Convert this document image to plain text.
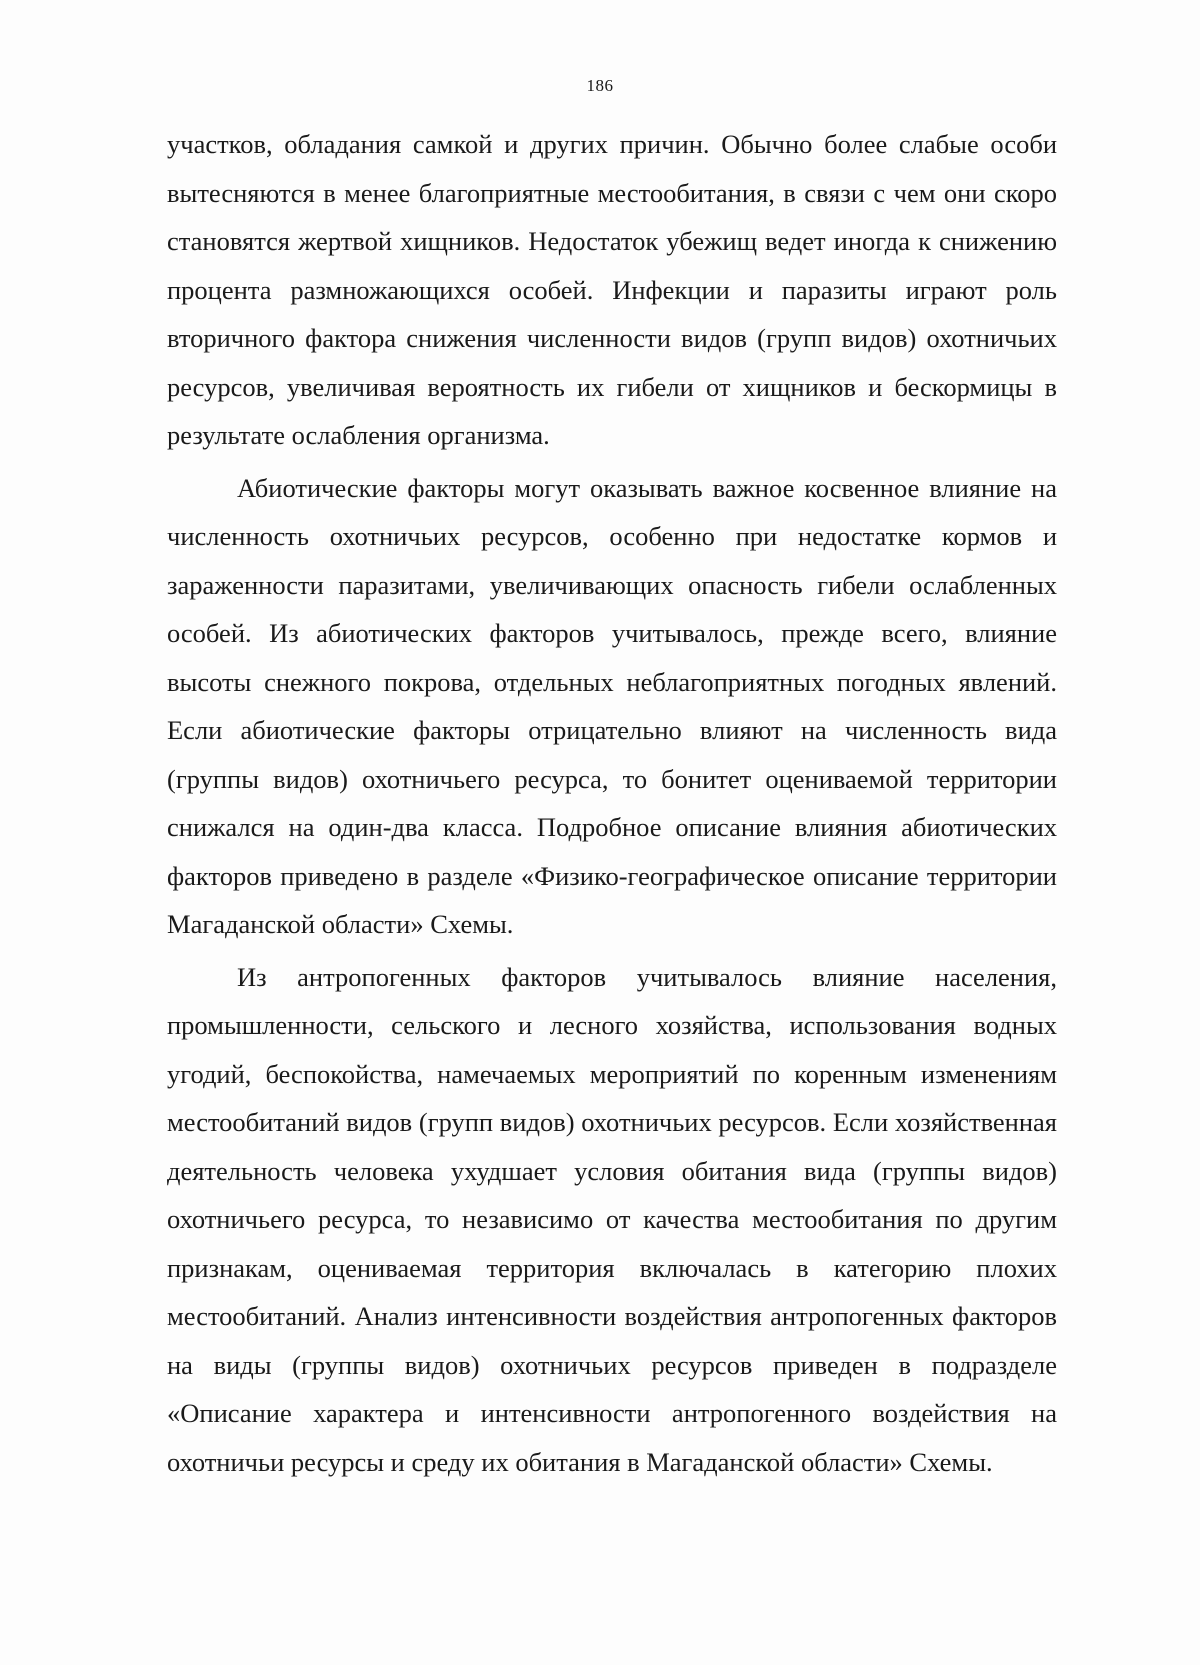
186

участков, обладания самкой и других причин. Обычно более слабые особи вытесняются в менее благоприятные местообитания, в связи с чем они скоро становятся жертвой хищников. Недостаток убежищ ведет иногда к снижению процента размножающихся особей. Инфекции и паразиты играют роль вторичного фактора снижения численности видов (групп видов) охотничьих ресурсов, увеличивая вероятность их гибели от хищников и бескормицы в результате ослабления организма.

Абиотические факторы могут оказывать важное косвенное влияние на численность охотничьих ресурсов, особенно при недостатке кормов и зараженности паразитами, увеличивающих опасность гибели ослабленных особей. Из абиотических факторов учитывалось, прежде всего, влияние высоты снежного покрова, отдельных неблагоприятных погодных явлений. Если абиотические факторы отрицательно влияют на численность вида (группы видов) охотничьего ресурса, то бонитет оцениваемой территории снижался на один-два класса. Подробное описание влияния абиотических факторов приведено в разделе «Физико-географическое описание территории Магаданской области» Схемы.

Из антропогенных факторов учитывалось влияние населения, промышленности, сельского и лесного хозяйства, использования водных угодий, беспокойства, намечаемых мероприятий по коренным изменениям местообитаний видов (групп видов) охотничьих ресурсов. Если хозяйственная деятельность человека ухудшает условия обитания вида (группы видов) охотничьего ресурса, то независимо от качества местообитания по другим признакам, оцениваемая территория включалась в категорию плохих местообитаний. Анализ интенсивности воздействия антропогенных факторов на виды (группы видов) охотничьих ресурсов приведен в подразделе «Описание характера и интенсивности антропогенного воздействия на охотничьи ресурсы и среду их обитания в Магаданской области» Схемы.
